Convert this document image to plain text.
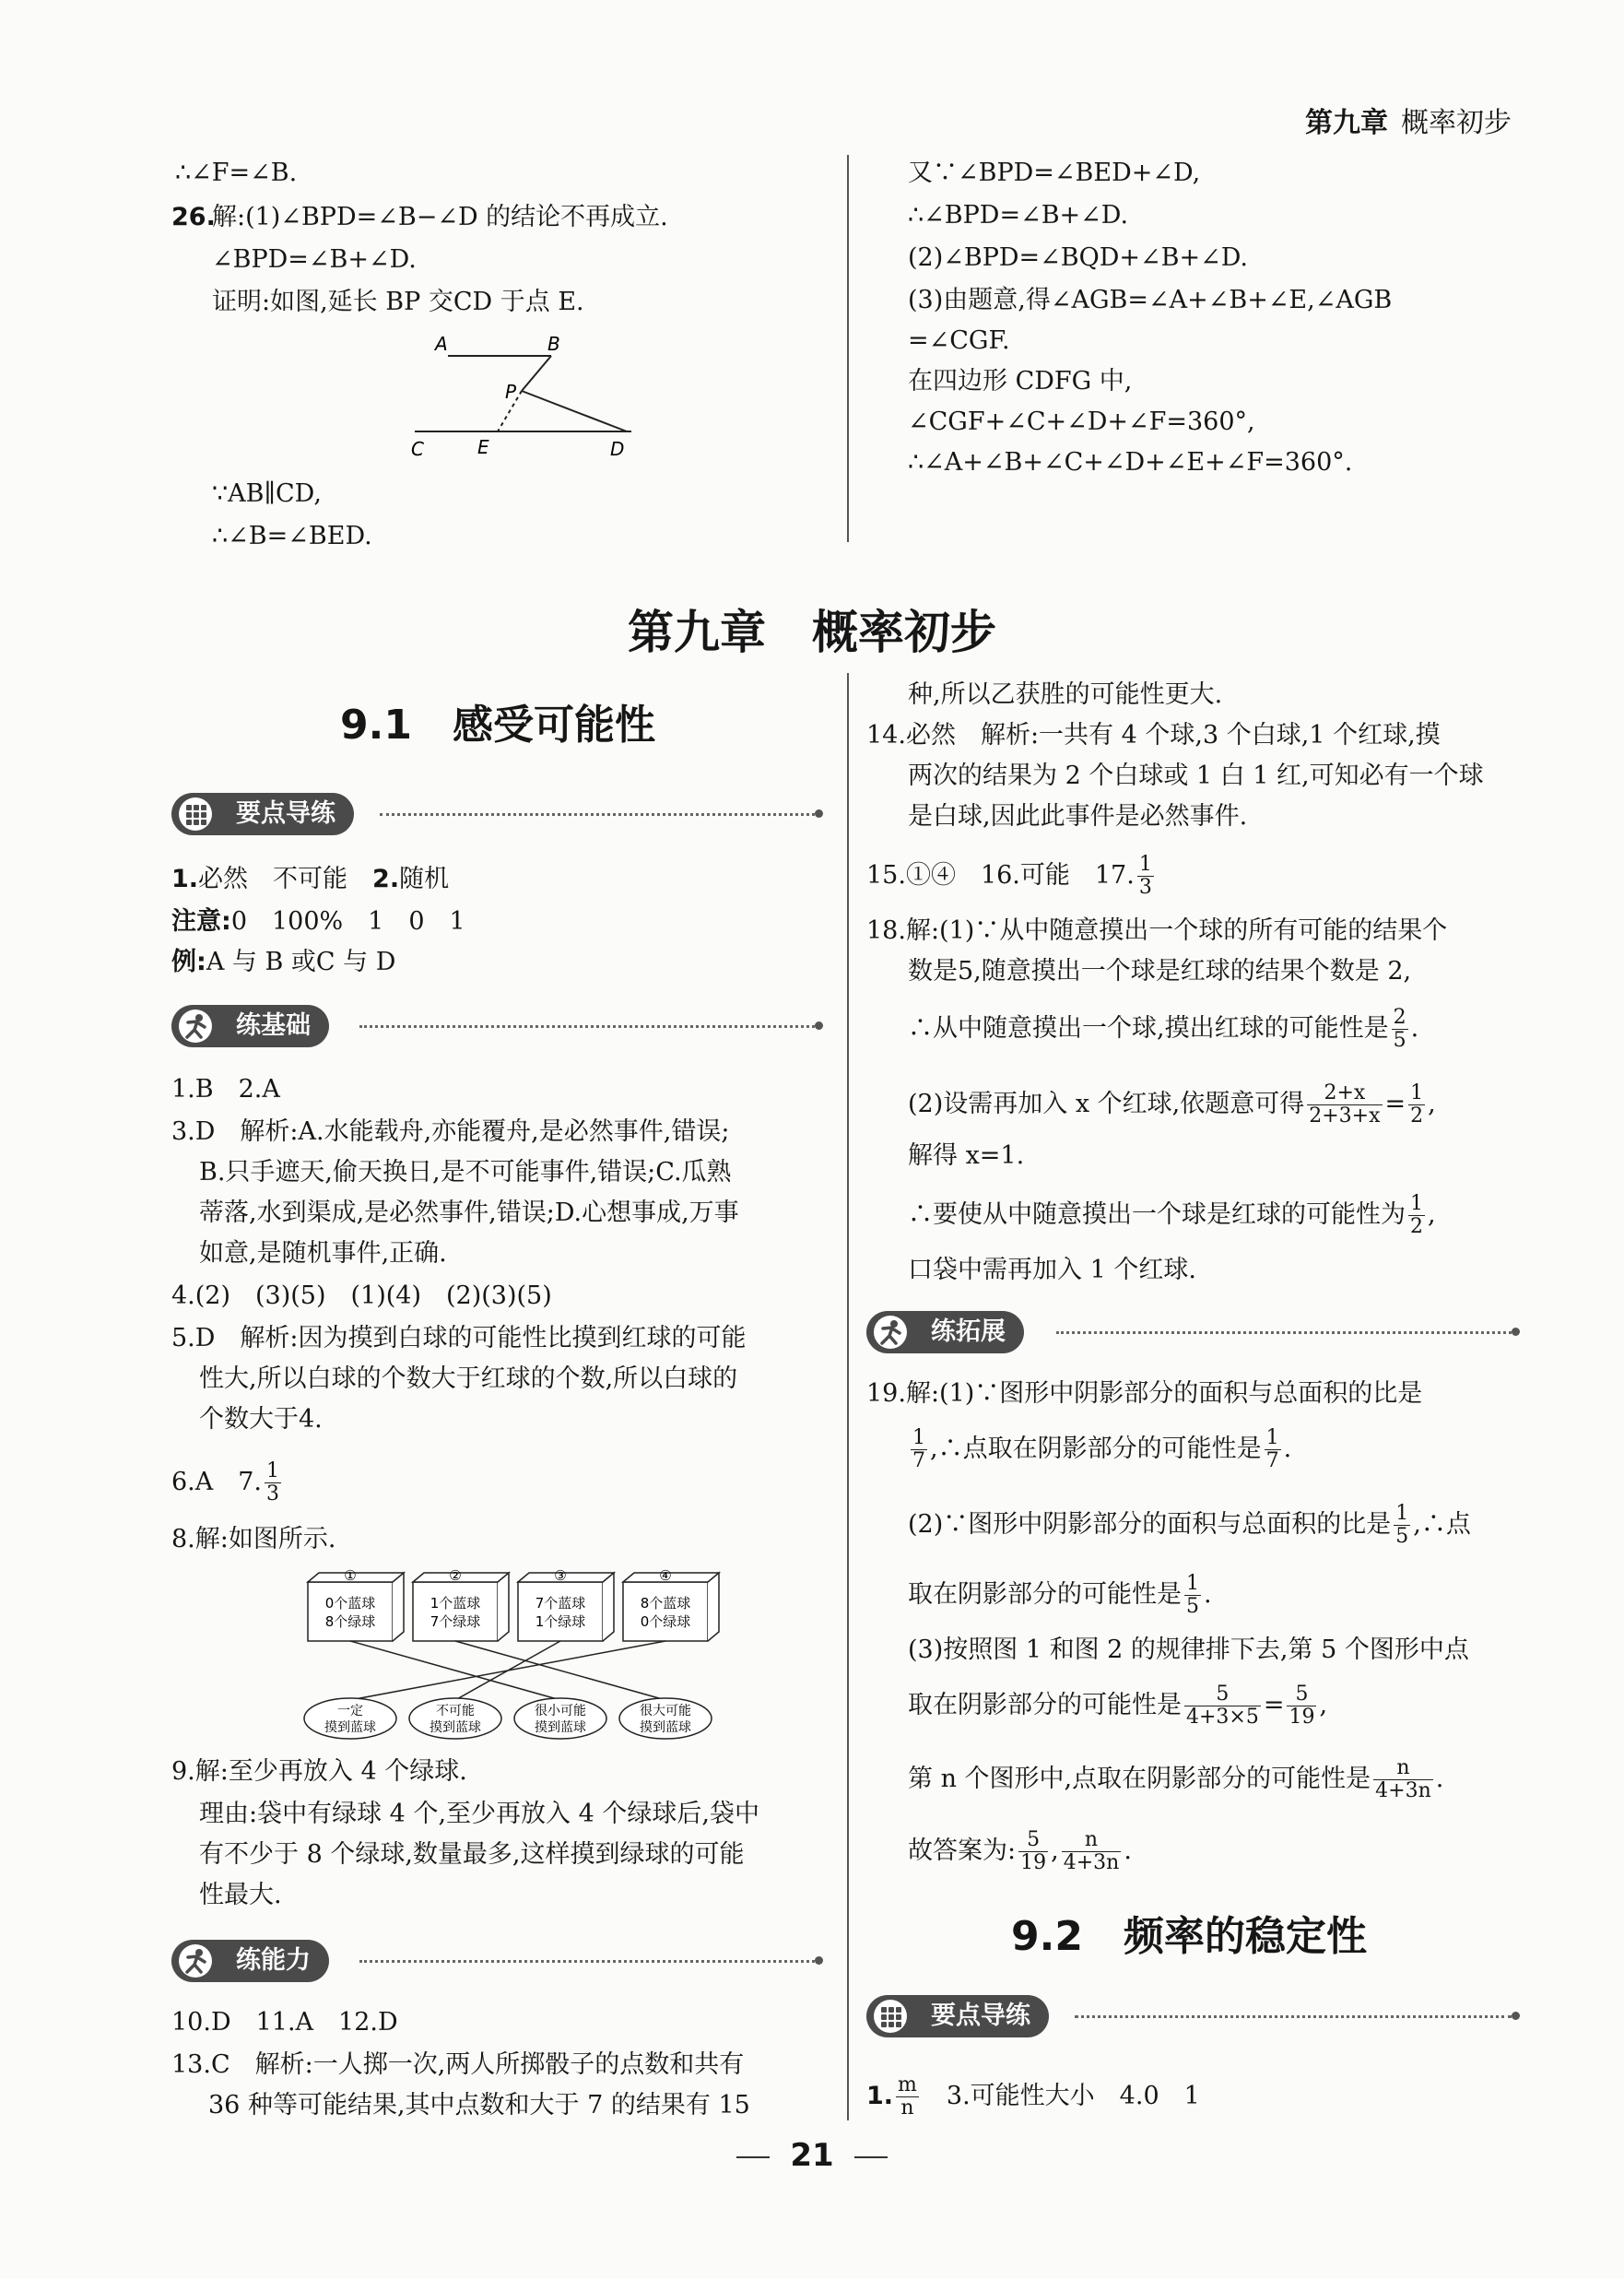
第九章 概率初步
∴∠F=∠B.
26.
解:(1)∠BPD=∠B−∠D 的结论不再成立.
∠BPD=∠B+∠D.
证明:如图,延长 BP 交CD 于点 E.
A	B
P
C	E	D
∵AB∥CD,
∴∠B=∠BED.
又∵∠BPD=∠BED+∠D,
∴∠BPD=∠B+∠D.
(2)∠BPD=∠BQD+∠B+∠D.
(3)由题意,得∠AGB=∠A+∠B+∠E,∠AGB
=∠CGF.
在四边形 CDFG 中,
∠CGF+∠C+∠D+∠F=360°,
∴∠A+∠B+∠C+∠D+∠E+∠F=360°.
第九章　概率初步
9.1　感受可能性
要点导练
1.必然　不可能　 2.随机
注意:0　100%　1　0　1
例:A 与 B 或C 与 D
练基础
1.B　2.A
3.D　解析:A.水能载舟,亦能覆舟,是必然事件,错误;
B.只手遮天,偷天换日,是不可能事件,错误;C.瓜熟
蒂落,水到渠成,是必然事件,错误;D.心想事成,万事
如意,是随机事件,正确.
4.(2)　(3)(5)　(1)(4)　(2)(3)(5)
5.D　解析:因为摸到白球的可能性比摸到红球的可能
性大,所以白球的个数大于红球的个数,所以白球的
个数大于4.
6.A　7. $\frac{1}{3}$
8.解:如图所示.
①	②	③	④
0个蓝球
8个绿球
1个蓝球
7个绿球
7个蓝球
1个绿球
8个蓝球
0个绿球
一定
摸到蓝球
不可能
摸到蓝球
很小可能
摸到蓝球
很大可能
摸到蓝球
9.解:至少再放入 4 个绿球.
理由:袋中有绿球 4 个,至少再放入 4 个绿球后,袋中
有不少于 8 个绿球,数量最多,这样摸到绿球的可能
性最大.
练能力
10.D　11.A　12.D
13.C　解析:一人掷一次,两人所掷骰子的点数和共有
36 种等可能结果,其中点数和大于 7 的结果有 15
种,所以乙获胜的可能性更大.
14.必然　解析:一共有 4 个球,3 个白球,1 个红球,摸
两次的结果为 2 个白球或 1 白 1 红,可知必有一个球
是白球,因此此事件是必然事件.
15.①④　16.可能　17. $\frac{1}{3}$
18.解:(1)∵从中随意摸出一个球的所有可能的结果个
数是5,随意摸出一个球是红球的结果个数是 2,
∴从中随意摸出一个球,摸出红球的可能性是 $\frac{2}{5}$ .
(2)设需再加入 x 个红球,依题意可得 $\frac{2+x}{2+3+x} = \frac{1}{2}$ ,
解得 x=1.
∴要使从中随意摸出一个球是红球的可能性为 $\frac{1}{2}$ ,
口袋中需再加入 1 个红球.
练拓展
19.解:(1)∵图形中阴影部分的面积与总面积的比是
$\frac{1}{7}$ ,∴点取在阴影部分的可能性是 $\frac{1}{7}$ .
(2)∵图形中阴影部分的面积与总面积的比是 $\frac{1}{5}$ ,∴点
取在阴影部分的可能性是 $\frac{1}{5}$ .
(3)按照图 1 和图 2 的规律排下去,第 5 个图形中点
取在阴影部分的可能性是 $\frac{5}{4+3\times 5} = \frac{5}{19}$ ,
第 n 个图形中,点取在阴影部分的可能性是 $\frac{n}{4+3n}$ .
故答案为: $\frac{5}{19}$ , $\frac{n}{4+3n}$ .
9.2　频率的稳定性
要点导练
1. $\frac{m}{n}$
　 3.可能性大小　4.0　1
21
